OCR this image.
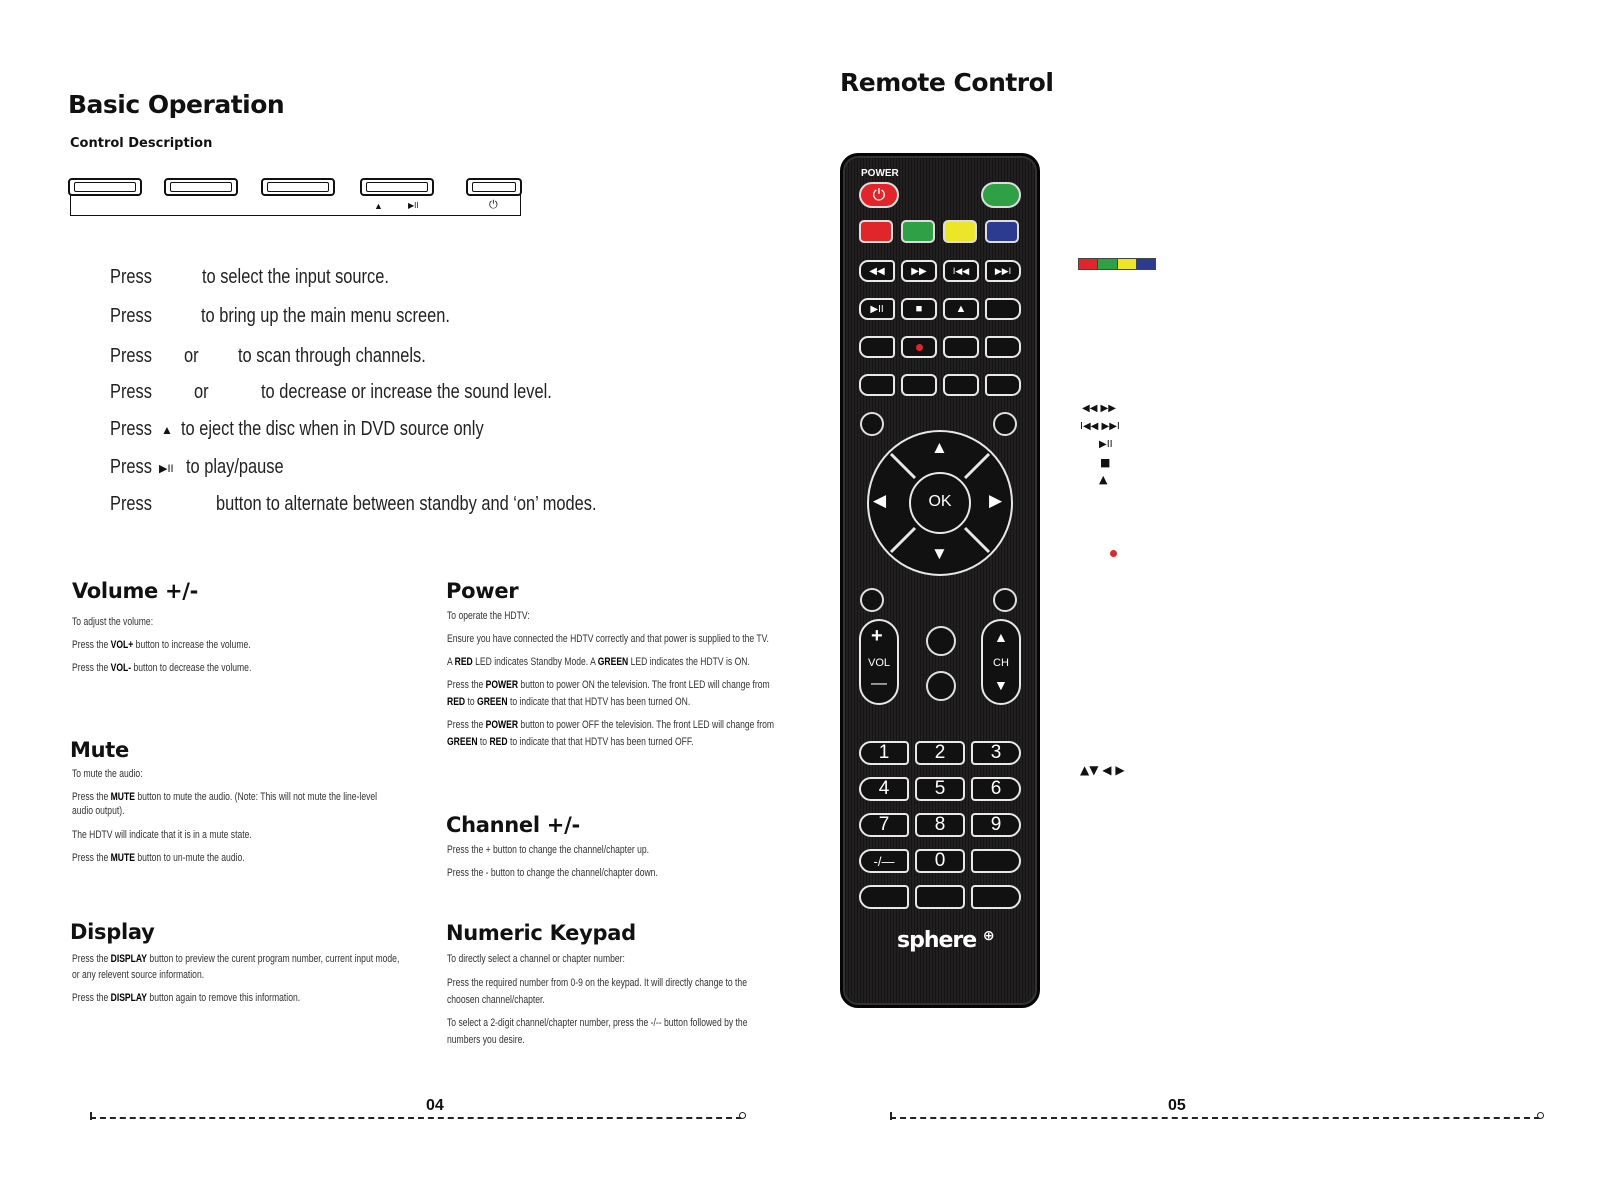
Basic Operation
Control Description
▲	▶II	⏻
Press	to select the input source.
Press to bring up the main menu screen.
Press or to scan through channels.
Press or	to decrease or increase the sound level.
Press ▲ to eject the disc when in DVD source only
Press ▶II to play/pause
Press	button to alternate between standby and ‘on’ modes.
Volume +/-
To adjust the volume:
Press the VOL+ button to increase the volume.
Press the VOL- button to decrease the volume.
Mute
To mute the audio:
Press the MUTE button to mute the audio. (Note: This will not mute the line-level
audio output).
The HDTV will indicate that it is in a mute state.
Press the MUTE button to un-mute the audio.
Display
Press the DISPLAY button to preview the curent program number, current input mode,
or any relevent source information.
Press the DISPLAY button again to remove this information.
Power
To operate the HDTV:
Ensure you have connected the HDTV correctly and that power is supplied to the TV.
A RED LED indicates Standby Mode. A GREEN LED indicates the HDTV is ON.
Press the POWER button to power ON the television. The front LED will change from
RED to GREEN to indicate that that HDTV has been turned ON.
Press the POWER button to power OFF the television. The front LED will change from
GREEN to RED to indicate that that HDTV has been turned OFF.
Channel +/-
Press the + button to change the channel/chapter up.
Press the - button to change the channel/chapter down.
Numeric Keypad
To directly select a channel or chapter number:
Press the required number from 0-9 on the keypad. It will directly change to the
choosen channel/chapter.
To select a 2-digit channel/chapter number, press the -/-- button followed by the
numbers you desire.
04
Remote Control
POWER
⏻
◀◀	▶▶	I◀◀	▶▶I
▶II	■	▲
OK
▲
▼
◀	▶
+
VOL
—
▲
CH
▼
1	2	3
4	5	6
7	8	9
-/—	0
sphere ⊕
◀◀ ▶▶
I◀◀ ▶▶I
▶II
■
▲
▲▼ ◀ ▶
05
